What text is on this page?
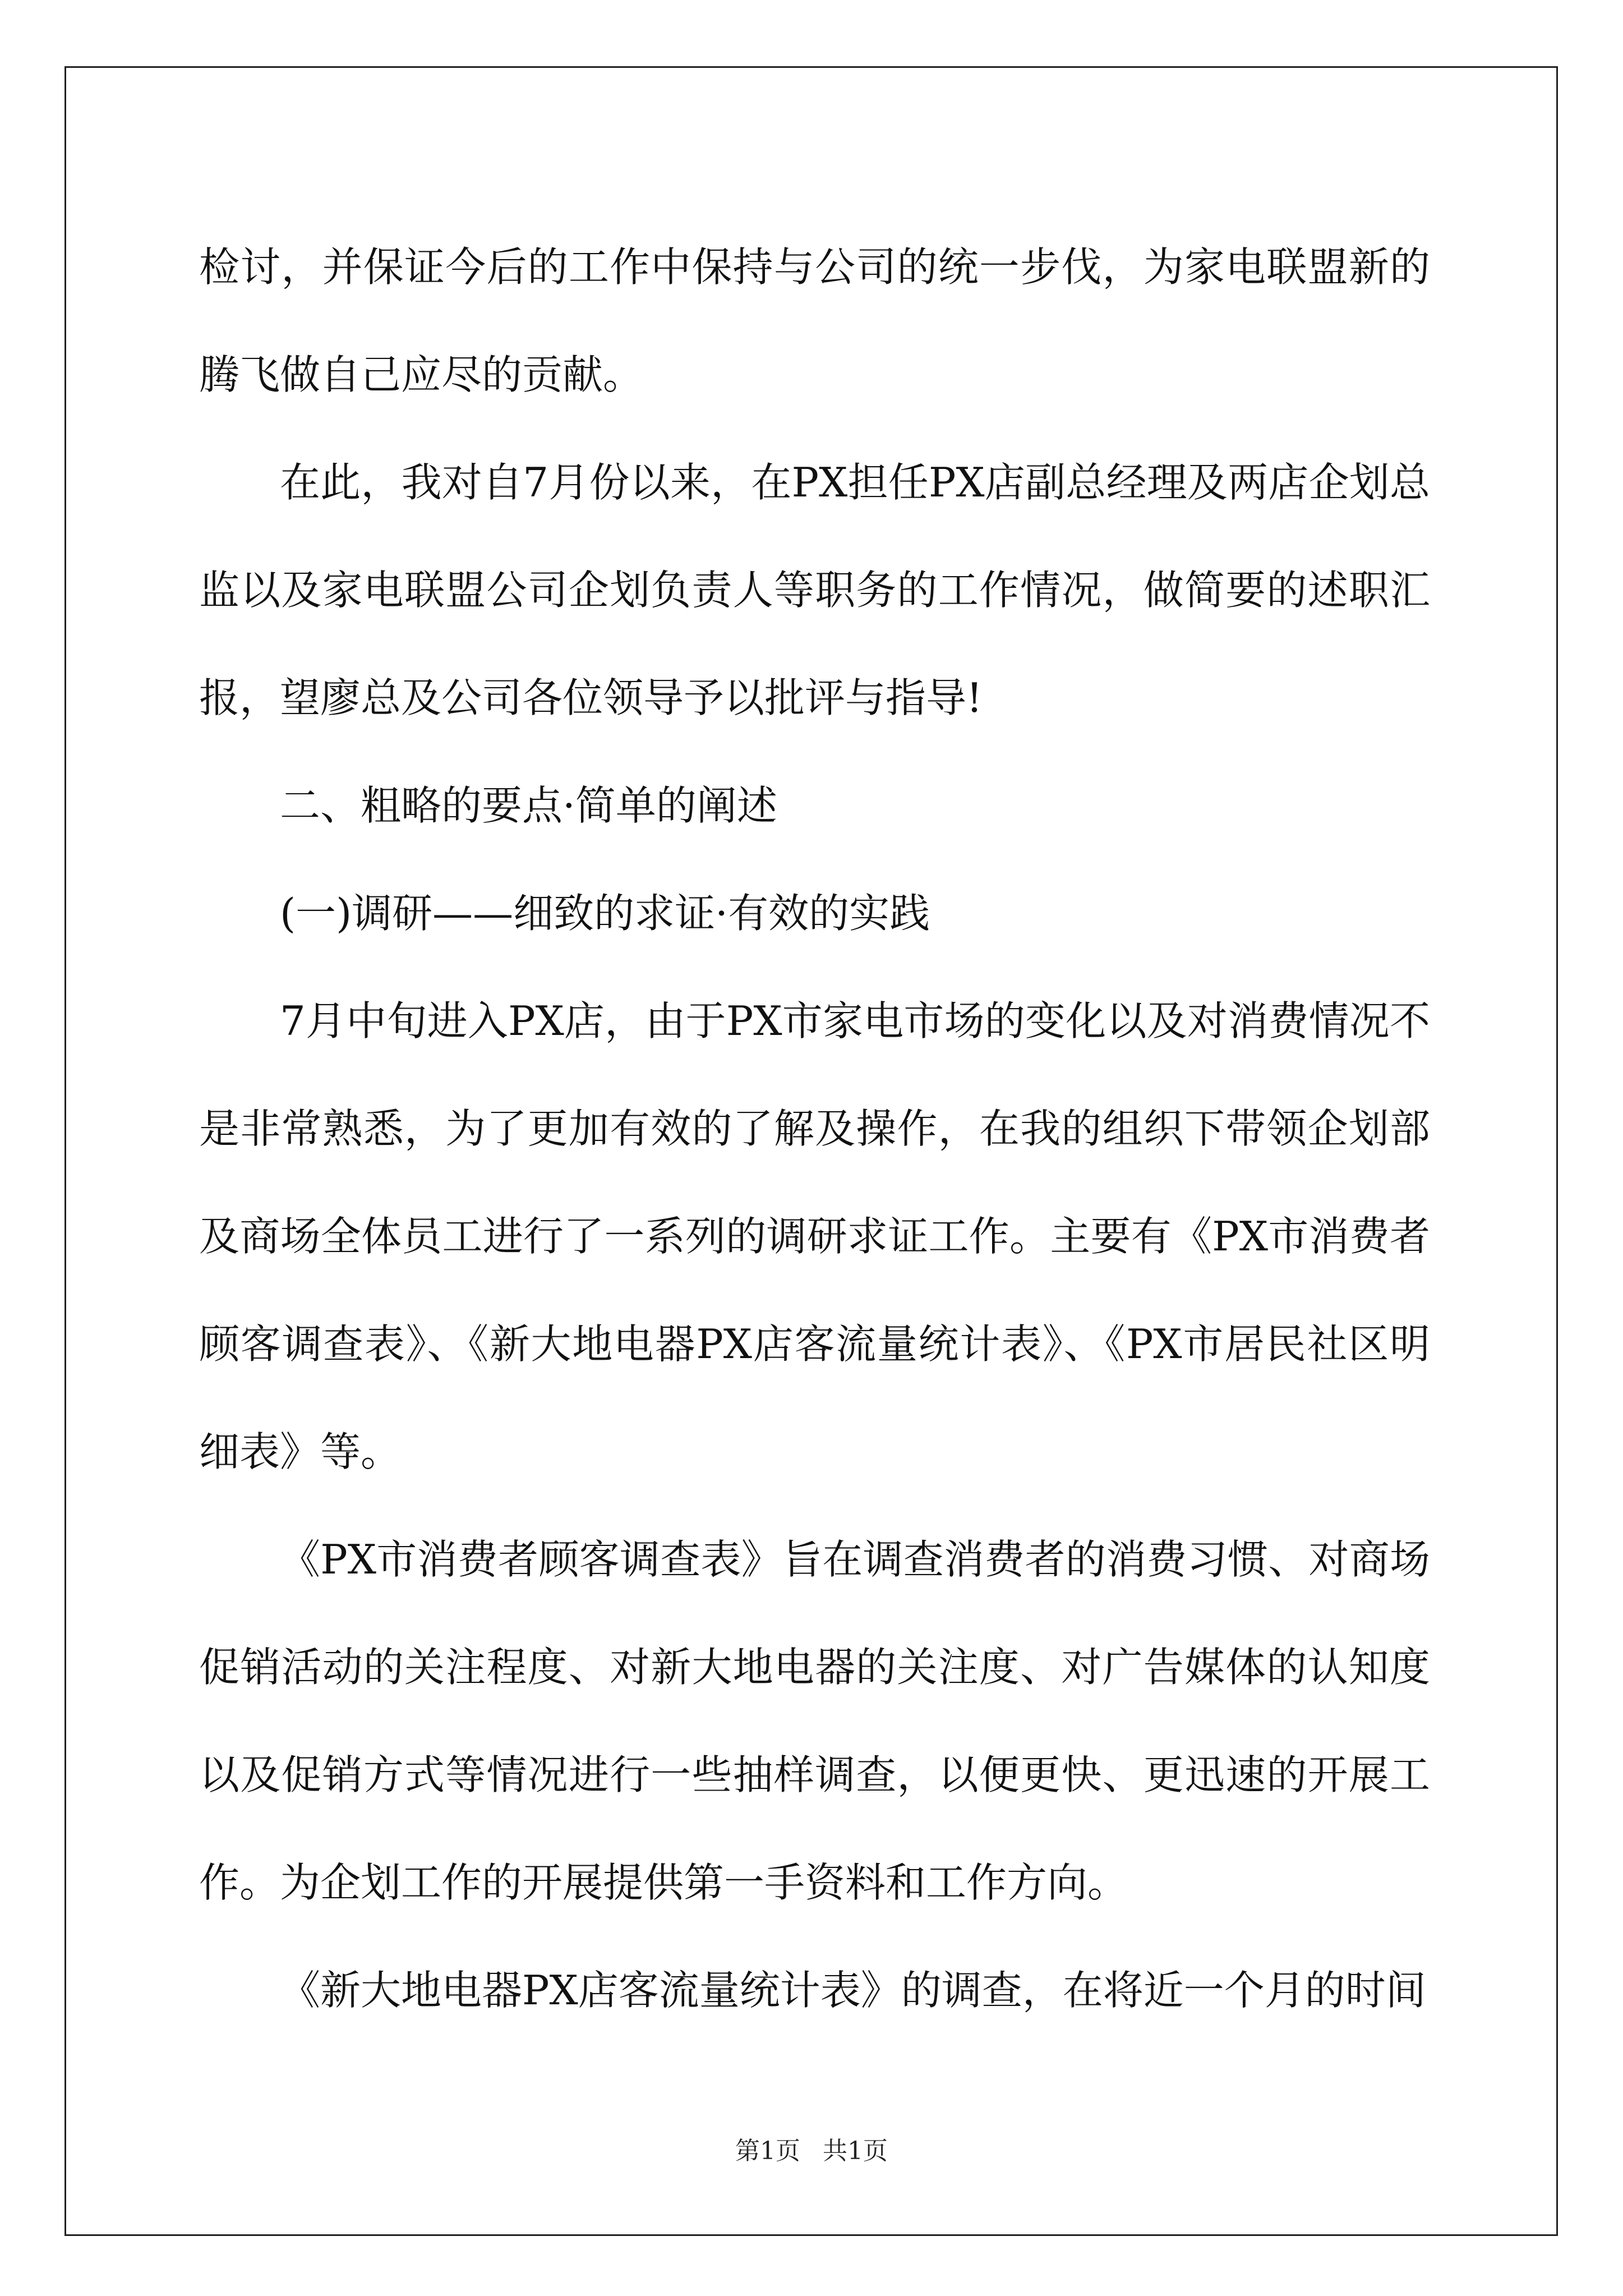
检讨，并保证今后的工作中保持与公司的统一步伐，为家电联盟新的腾飞做自己应尽的贡献。

在此，我对自7月份以来，在PX担任PX店副总经理及两店企划总监以及家电联盟公司企划负责人等职务的工作情况，做简要的述职汇报，望廖总及公司各位领导予以批评与指导!

二、粗略的要点·简单的阐述

(一)调研——细致的求证·有效的实践

7月中旬进入PX店，由于PX市家电市场的变化以及对消费情况不是非常熟悉，为了更加有效的了解及操作，在我的组织下带领企划部及商场全体员工进行了一系列的调研求证工作。主要有《PX市消费者顾客调查表》、《新大地电器PX店客流量统计表》、《PX市居民社区明细表》等。

《PX市消费者顾客调查表》旨在调查消费者的消费习惯、对商场促销活动的关注程度、对新大地电器的关注度、对广告媒体的认知度以及促销方式等情况进行一些抽样调查，以便更快、更迅速的开展工作。为企划工作的开展提供第一手资料和工作方向。

《新大地电器PX店客流量统计表》的调查，在将近一个月的时间

第1页 共1页
